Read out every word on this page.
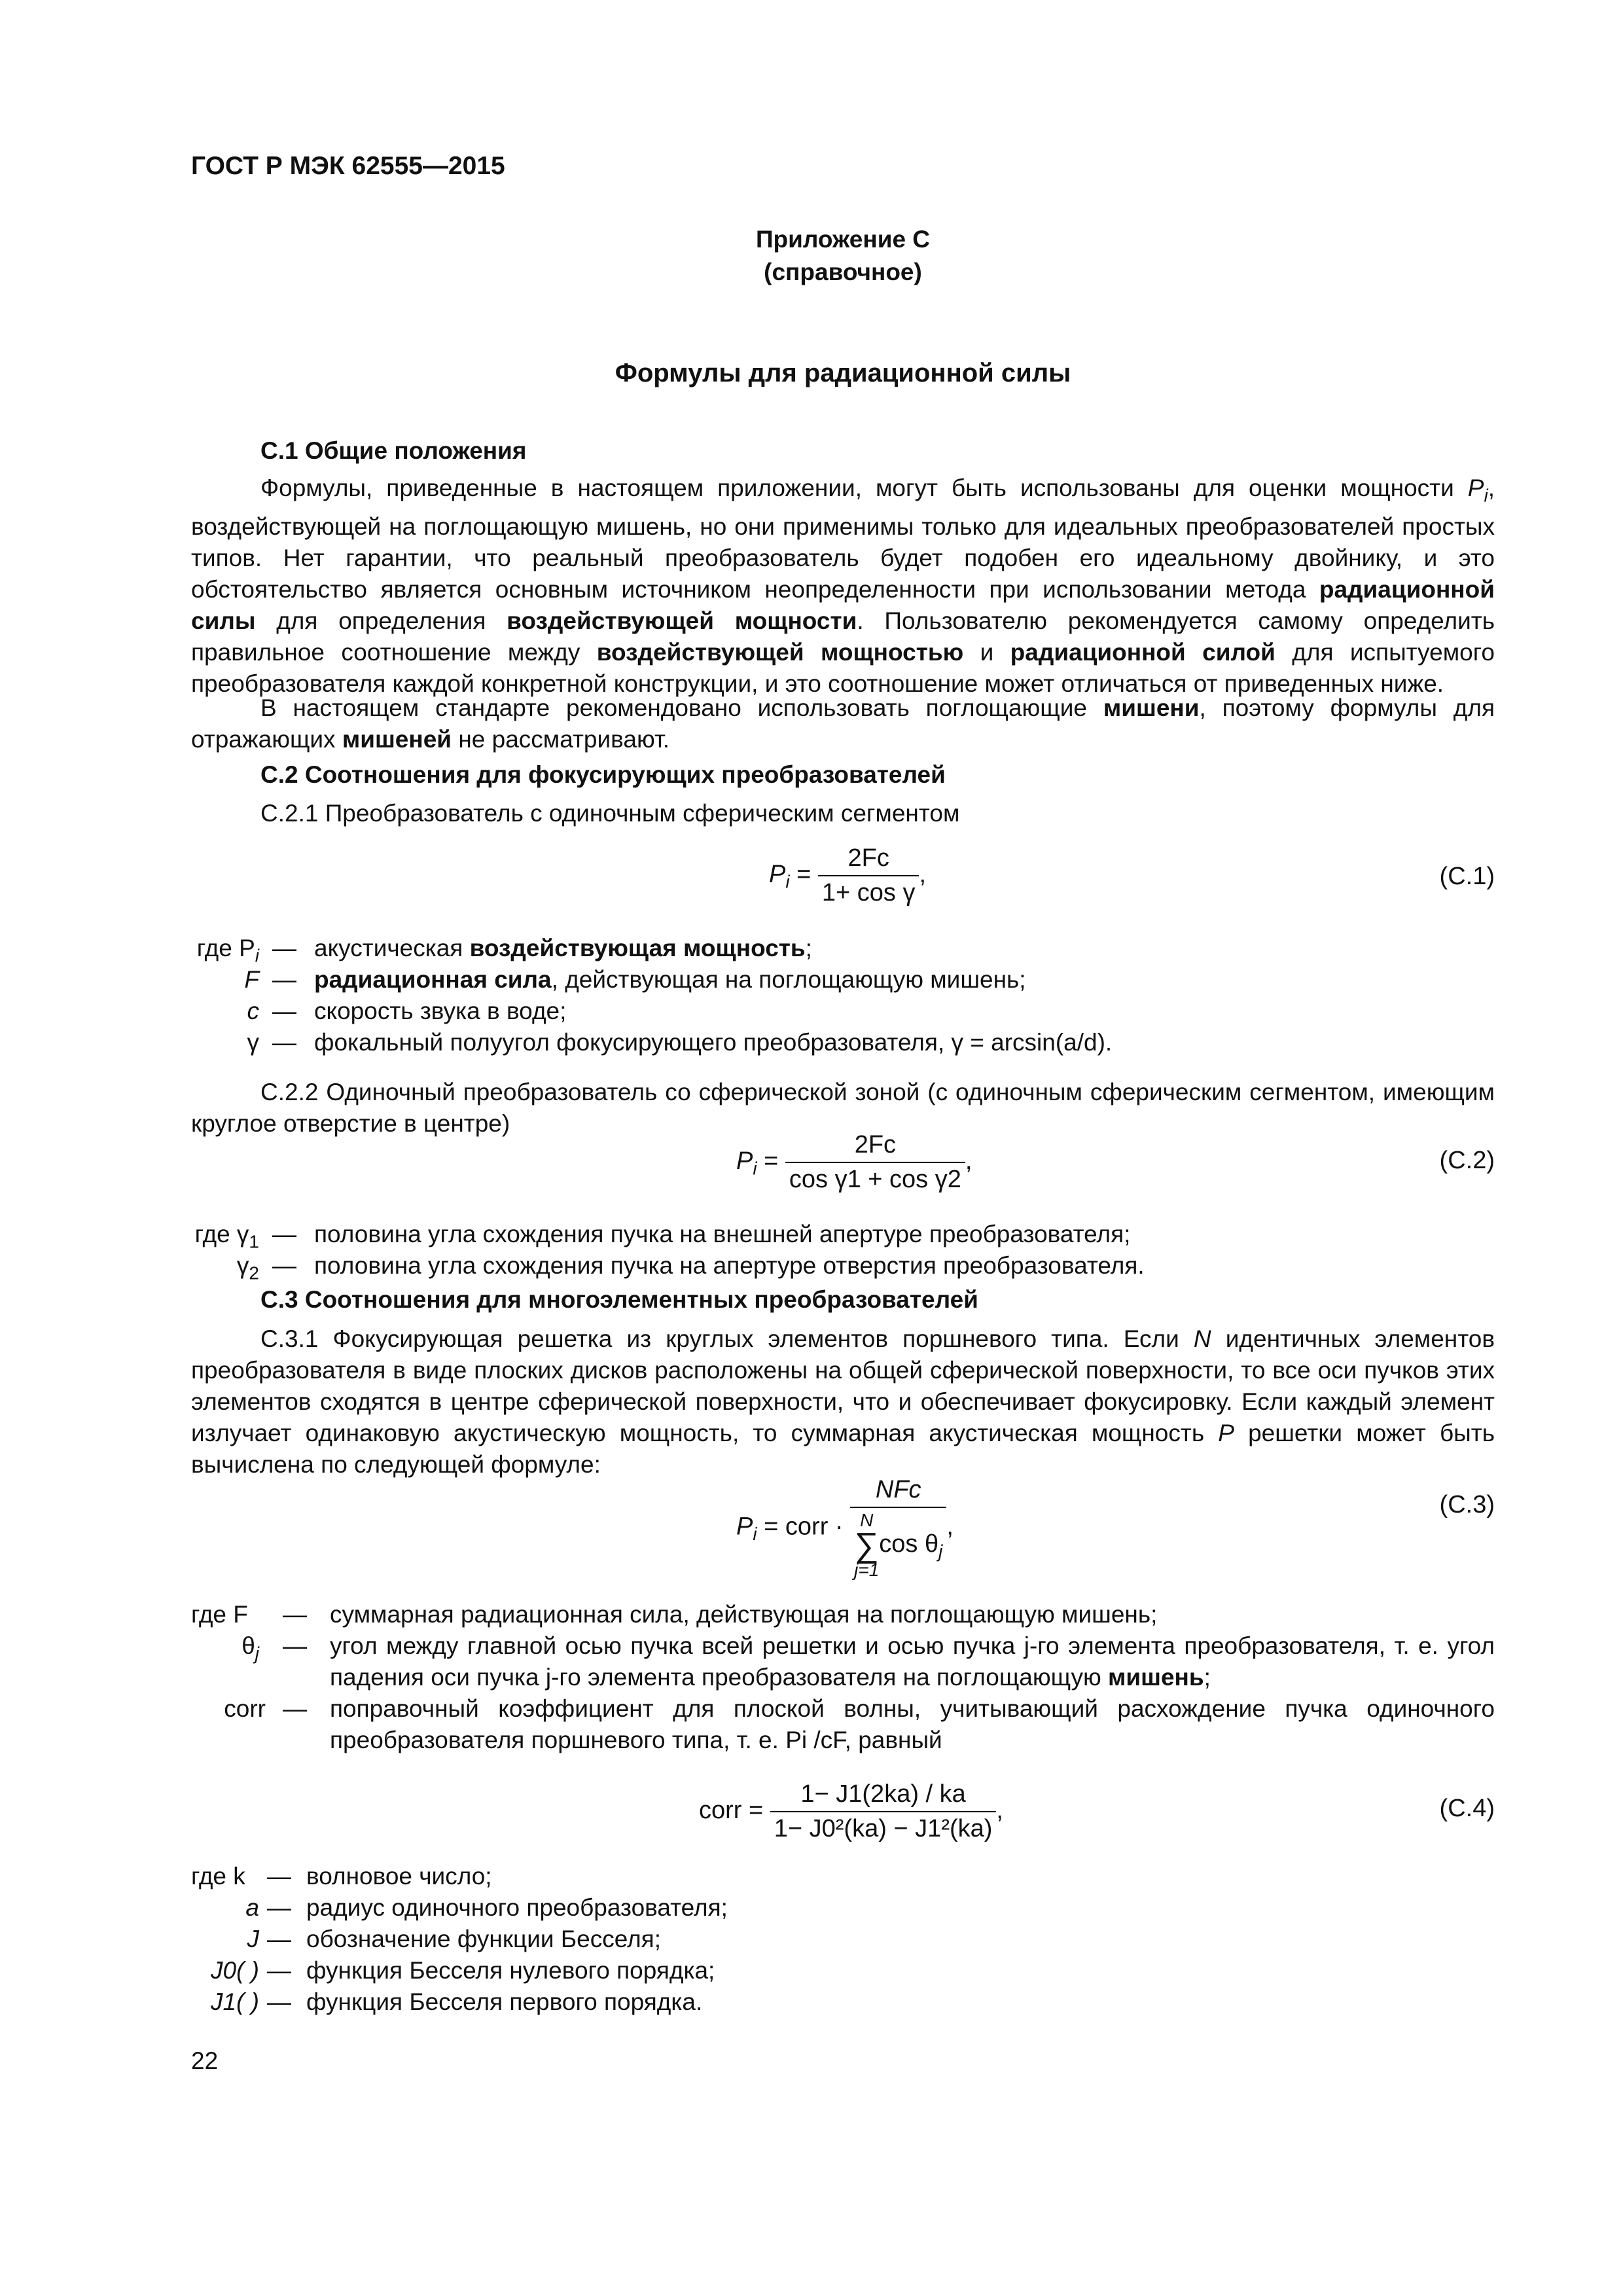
ГОСТ Р МЭК 62555—2015
Приложение С
(справочное)
Формулы для радиационной силы
С.1 Общие положения
Формулы, приведенные в настоящем приложении, могут быть использованы для оценки мощности $P_i$, воздействующей на поглощающую мишень, но они применимы только для идеальных преобразователей простых типов. Нет гарантии, что реальный преобразователь будет подобен его идеальному двойнику, и это обстоятельство является основным источником неопределенности при использовании метода радиационной силы для определения воздействующей мощности. Пользователю рекомендуется самому определить правильное соотношение между воздействующей мощностью и радиационной силой для испытуемого преобразователя каждой конкретной конструкции, и это соотношение может отличаться от приведенных ниже.
В настоящем стандарте рекомендовано использовать поглощающие мишени, поэтому формулы для отражающих мишеней не рассматривают.
С.2 Соотношения для фокусирующих преобразователей
С.2.1 Преобразователь с одиночным сферическим сегментом
$P_i = \frac{2Fc}{\text{1+ cos γ}}$ ,	(С.1)
где $P_i$ — акустическая воздействующая мощность;
F — радиационная сила, действующая на поглощающую мишень;
c — скорость звука в воде;
γ — фокальный полуугол фокусирующего преобразователя, γ = arcsin(a/d).
С.2.2 Одиночный преобразователь со сферической зоной (с одиночным сферическим сегментом, имеющим круглое отверстие в центре)
$P_i = \frac{2Fc}{\text{cos γ1 + cos γ2}}$ ,	(С.2)
где $\gamma_1$ — половина угла схождения пучка на внешней апертуре преобразователя;
$\gamma_2$ — половина угла схождения пучка на апертуре отверстия преобразователя.
С.3 Соотношения для многоэлементных преобразователей
С.3.1 Фокусирующая решетка из круглых элементов поршневого типа. Если N идентичных элементов преобразователя в виде плоских дисков расположены на общей сферической поверхности, то все оси пучков этих элементов сходятся в центре сферической поверхности, что и обеспечивает фокусировку. Если каждый элемент излучает одинаковую акустическую мощность, то суммарная акустическая мощность P решетки может быть вычислена по следующей формуле:
$P_i$ = corr ·
NFc
N
∑
j=1cos $\theta_j$
,
(С.3)
где F	— суммарная радиационная сила, действующая на поглощающую мишень;
$\theta_j$ — угол между главной осью пучка всей решетки и осью пучка j-го элемента преобразователя, т. е. угол падения оси пучка j-го элемента преобразователя на поглощающую мишень;
corr — поправочный коэффициент для плоской волны, учитывающий расхождение пучка одиночного преобразователя поршневого типа, т. е. Pi /cF, равный
corr = $\frac{1- J1(2ka) / ka}{\text{1− J0²(ka) − J1²(ka)}}$ ,	(С.4)
где k — волновое число;
a — радиус одиночного преобразователя;
J — обозначение функции Бесселя;
J0( ) — функция Бесселя нулевого порядка;
J1( ) — функция Бесселя первого порядка.
22
